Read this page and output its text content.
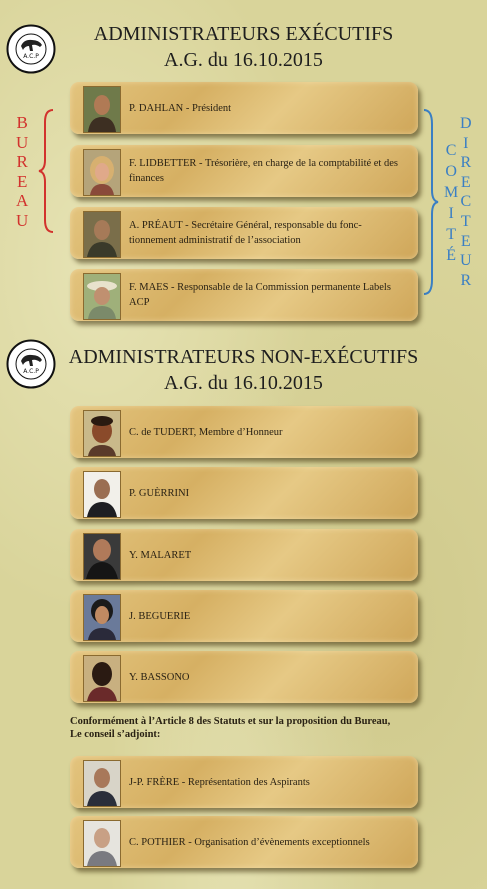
A.C.P
ADMINISTRATEURS EXÉCUTIFS
A.G. du 16.10.2015
B
U
R
E
A
U
C
O
M
I
T
É
D
I
R
E
C
T
E
U
R
P. DAHLAN - Président
F. LIDBETTER - Trésorière, en charge de la comptabilité et des finances
A. PRÉAUT - Secrétaire Général, responsable du fonc-tionnement administratif de l’association
F. MAES - Responsable de la Commission permanente Labels ACP
A.C.P
ADMINISTRATEURS NON-EXÉCUTIFS
A.G. du 16.10.2015
C. de TUDERT, Membre d’Honneur
P. GUÈRRINI
Y. MALARET
J. BEGUERIE
Y. BASSONO
Conformément à l’Article 8 des Statuts et sur la proposition du Bureau,
Le conseil s’adjoint:
J-P. FRÈRE - Représentation des Aspirants
C. POTHIER - Organisation d’évènements exceptionnels
